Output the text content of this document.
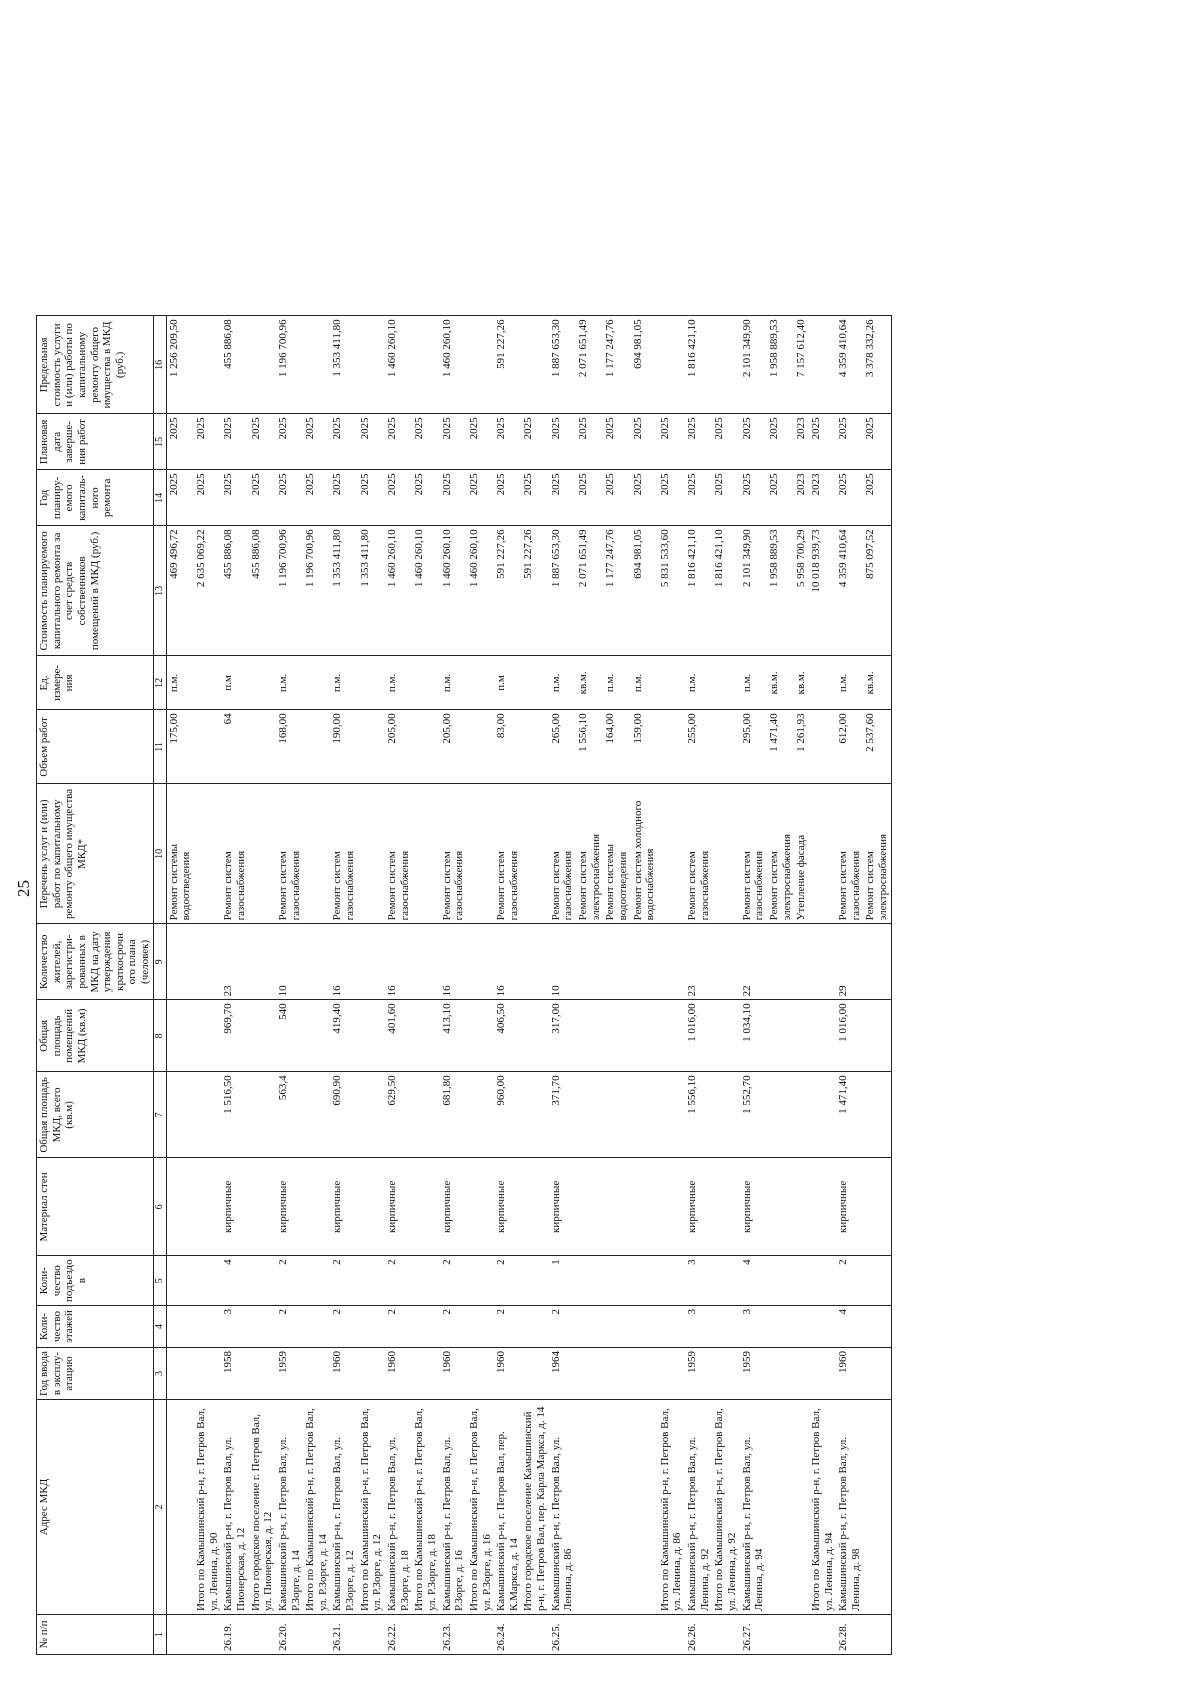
25
№ п/п	Адрес МКД	Год ввода в эксплу-атацию	Коли-чество этажей	Коли-чество подъездо в	Материал стен	Общая площадь МКД, всего (кв.м)	Общая площадь помещений МКД (кв.м)	Количество жителей, зарегистри-рованных в МКД на дату утверждения краткосрочн ого плана (человек)	Перечень услуг и (или) работ по капитальному ремонту общего имущества МКД*	Объем работ	Ед. измере-ния	Стоимость планируемого капитального ремонта за счет средств собственников помещений в МКД (руб.)	Год планиру-емого капиталь-ного ремонта	Плановая дата заверше-ния работ	Предельная стоимость услуги и (или) работы по капитальному ремонту общего имущества в МКД (руб.)
1	2	3	4	5	6	7	8	9	10	11	12	13	14	15	16
									Ремонт системы водоотведения	175,00	п.м.	469 496,72	2025	2025	1 256 209,50
	Итого по Камышинский р-н, г. Петров Вал, ул. Ленина, д. 90											2 635 069,22	2025	2025	
26.19.	Камышинский р-н, г. Петров Вал, ул. Пионерская, д. 12	1958	3	4	кирпичные	1 516,50	969,70	23	Ремонт систем газоснабжения	64	п.м	455 886,08	2025	2025	455 886,08
	Итого городское поселение г. Петров Вал, ул. Пионерская, д. 12											455 886,08	2025	2025	
26.20.	Камышинский р-н, г. Петров Вал, ул. Р.Зорге, д. 14	1959	2	2	кирпичные	563,4	540	10	Ремонт систем газоснабжения	168,00	п.м.	1 196 700,96	2025	2025	1 196 700,96
	Итого по Камышинский р-н, г. Петров Вал, ул. Р.Зорге, д. 14											1 196 700,96	2025	2025	
26.21.	Камышинский р-н, г. Петров Вал, ул. Р.Зорге, д. 12	1960	2	2	кирпичные	690,90	419,40	16	Ремонт систем газоснабжения	190,00	п.м.	1 353 411,80	2025	2025	1 353 411,80
	Итого по Камышинский р-н, г. Петров Вал, ул. Р.Зорге, д. 12											1 353 411,80	2025	2025	
26.22.	Камышинский р-н, г. Петров Вал, ул. Р.Зорге, д. 18	1960	2	2	кирпичные	629,50	401,60	16	Ремонт систем газоснабжения	205,00	п.м.	1 460 260,10	2025	2025	1 460 260,10
	Итого по Камышинский р-н, г. Петров Вал, ул. Р.Зорге, д. 18											1 460 260,10	2025	2025	
26.23.	Камышинский р-н, г. Петров Вал, ул. Р.Зорге, д. 16	1960	2	2	кирпичные	681,80	413,10	16	Ремонт систем газоснабжения	205,00	п.м.	1 460 260,10	2025	2025	1 460 260,10
	Итого по Камышинский р-н, г. Петров Вал, ул. Р.Зорге, д. 16											1 460 260,10	2025	2025	
26.24.	Камышинский р-н, г. Петров Вал, пер. К.Маркса, д. 14	1960	2	2	кирпичные	960,00	406,50	16	Ремонт систем газоснабжения	83,00	п.м	591 227,26	2025	2025	591 227,26
	Итого городское поселение Камышинский р-н, г. Петров Вал, пер. Карла Маркса, д. 14											591 227,26	2025	2025	
26.25.	Камышинский р-н, г. Петров Вал, ул. Ленина, д. 86	1964	2	1	кирпичные	371,70	317,00	10	Ремонт систем газоснабжения	265,00	п.м.	1 887 653,30	2025	2025	1 887 653,30
									Ремонт систем электроснабжения	1 556,10	кв.м.	2 071 651,49	2025	2025	2 071 651,49
									Ремонт системы водоотведения	164,00	п.м.	1 177 247,76	2025	2025	1 177 247,76
									Ремонт систем холодного водоснабжения	159,00	п.м.	694 981,05	2025	2025	694 981,05
	Итого по Камышинский р-н, г. Петров Вал, ул. Ленина, д. 86											5 831 533,60	2025	2025	
26.26.	Камышинский р-н, г. Петров Вал, ул. Ленина, д. 92	1959	3	3	кирпичные	1 556,10	1 016,00	23	Ремонт систем газоснабжения	255,00	п.м.	1 816 421,10	2025	2025	1 816 421,10
	Итого по Камышинский р-н, г. Петров Вал, ул. Ленина, д. 92											1 816 421,10	2025	2025	
26.27.	Камышинский р-н, г. Петров Вал, ул. Ленина, д. 94	1959	3	4	кирпичные	1 552,70	1 034,10	22	Ремонт систем газоснабжения	295,00	п.м.	2 101 349,90	2025	2025	2 101 349,90
									Ремонт систем электроснабжения	1 471,40	кв.м.	1 958 889,53	2025	2025	1 958 889,53
									Утепление фасада	1 261,93	кв.м.	5 958 700,29	2023	2023	7 157 612,40
	Итого по Камышинский р-н, г. Петров Вал, ул. Ленина, д. 94											10 018 939,73	2023	2025	
26.28.	Камышинский р-н, г. Петров Вал, ул. Ленина, д. 98	1960	4	2	кирпичные	1 471,40	1 016,00	29	Ремонт систем газоснабжения	612,00	п.м.	4 359 410,64	2025	2025	4 359 410,64
									Ремонт систем электроснабжения	2 537,60	кв.м.	875 097,52	2025	2025	3 378 332,26
